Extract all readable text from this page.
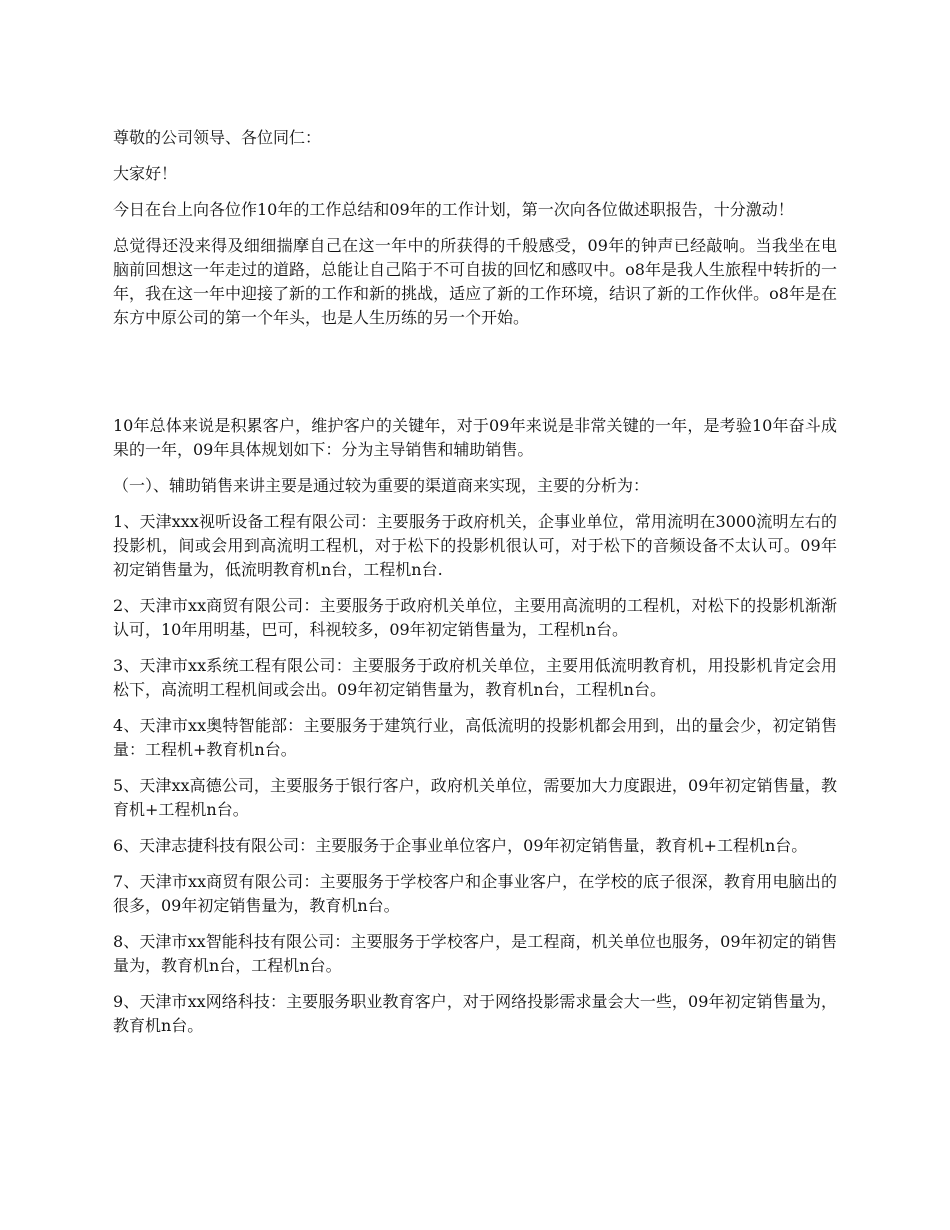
尊敬的公司领导、各位同仁：

大家好！

今日在台上向各位作10年的工作总结和09年的工作计划，第一次向各位做述职报告，十分激动！

总觉得还没来得及细细揣摩自己在这一年中的所获得的千般感受，09年的钟声已经敲响。当我坐在电脑前回想这一年走过的道路，总能让自己陷于不可自拔的回忆和感叹中。o8年是我人生旅程中转折的一年，我在这一年中迎接了新的工作和新的挑战，适应了新的工作环境，结识了新的工作伙伴。o8年是在东方中原公司的第一个年头，也是人生历练的另一个开始。

10年总体来说是积累客户，维护客户的关键年，对于09年来说是非常关键的一年，是考验10年奋斗成果的一年，09年具体规划如下：分为主导销售和辅助销售。

（一）、辅助销售来讲主要是通过较为重要的渠道商来实现，主要的分析为：

1、天津xxx视听设备工程有限公司：主要服务于政府机关，企事业单位，常用流明在3000流明左右的投影机，间或会用到高流明工程机，对于松下的投影机很认可，对于松下的音频设备不太认可。09年初定销售量为，低流明教育机n台，工程机n台.

2、天津市xx商贸有限公司：主要服务于政府机关单位，主要用高流明的工程机，对松下的投影机渐渐认可，10年用明基，巴可，科视较多，09年初定销售量为，工程机n台。

3、天津市xx系统工程有限公司：主要服务于政府机关单位，主要用低流明教育机，用投影机肯定会用松下，高流明工程机间或会出。09年初定销售量为，教育机n台，工程机n台。

4、天津市xx奥特智能部：主要服务于建筑行业，高低流明的投影机都会用到，出的量会少，初定销售量：工程机+教育机n台。

5、天津xx高德公司，主要服务于银行客户，政府机关单位，需要加大力度跟进，09年初定销售量，教育机+工程机n台。

6、天津志捷科技有限公司：主要服务于企事业单位客户，09年初定销售量，教育机+工程机n台。

7、天津市xx商贸有限公司：主要服务于学校客户和企事业客户，在学校的底子很深，教育用电脑出的很多，09年初定销售量为，教育机n台。

8、天津市xx智能科技有限公司：主要服务于学校客户，是工程商，机关单位也服务，09年初定的销售量为，教育机n台，工程机n台。

9、天津市xx网络科技：主要服务职业教育客户，对于网络投影需求量会大一些，09年初定销售量为，教育机n台。
